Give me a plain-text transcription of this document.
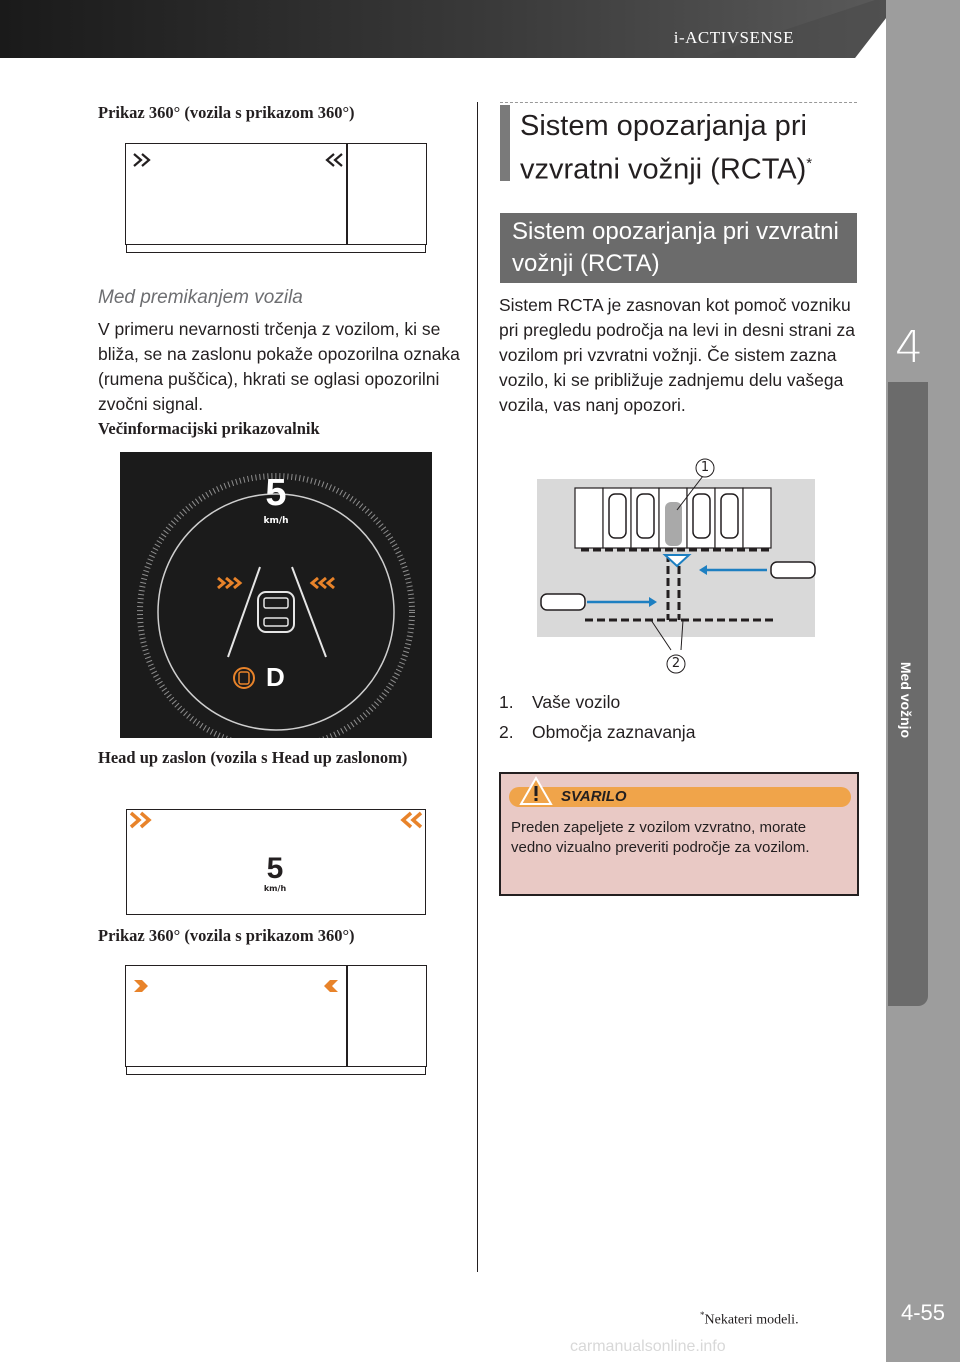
i-ACTIVSENSE
4
Med vožnjo
4-55
Prikaz 360° (vozila s prikazom 360°)
Med premikanjem vozila
V primeru nevarnosti trčenja z vozilom, ki se bliža, se na zaslonu pokaže opozorilna oznaka (rumena puščica), hkrati se oglasi opozorilni zvočni signal.
Večinformacijski prikazovalnik
5
km/h
D
Head up zaslon (vozila s Head up zaslonom)
5
km/h
Prikaz 360° (vozila s prikazom 360°)
Sistem opozarjanja pri vzvratni vožnji (RCTA)*
Sistem opozarjanja pri vzvratni vožnji (RCTA)
Sistem RCTA je zasnovan kot pomoč vozniku pri pregledu področja na levi in desni strani za vozilom pri vzvratni vožnji. Če sistem zazna vozilo, ki se približuje zadnjemu delu vašega vozila, vas nanj opozori.
1
2
1. Vaše vozilo
2. Območja zaznavanja
SVARILO
Preden zapeljete z vozilom vzvratno, morate vedno vizualno preveriti področje za vozilom.
*Nekateri modeli.
carmanualsonline.info
